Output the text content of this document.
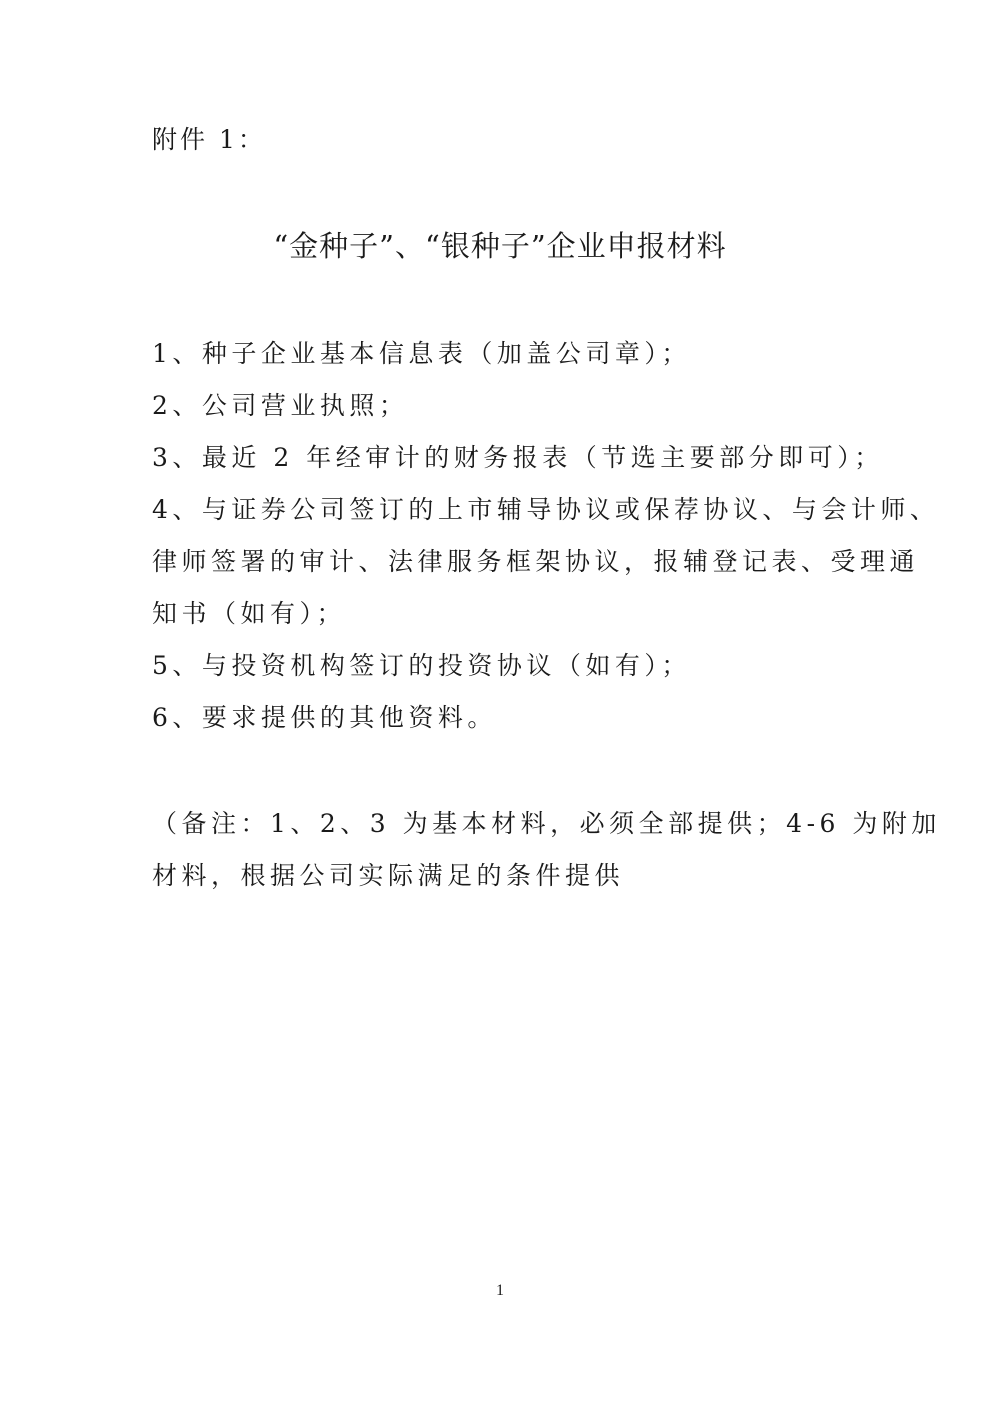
附件 1：
“金种子”、“银种子”企业申报材料
1、种子企业基本信息表（加盖公司章）；
2、公司营业执照；
3、最近 2 年经审计的财务报表（节选主要部分即可）；
4、与证券公司签订的上市辅导协议或保荐协议、与会计师、
律师签署的审计、法律服务框架协议，报辅登记表、受理通
知书（如有）；
5、与投资机构签订的投资协议（如有）；
6、要求提供的其他资料。
（备注：1、2、3 为基本材料，必须全部提供；4-6 为附加
材料，根据公司实际满足的条件提供
1
